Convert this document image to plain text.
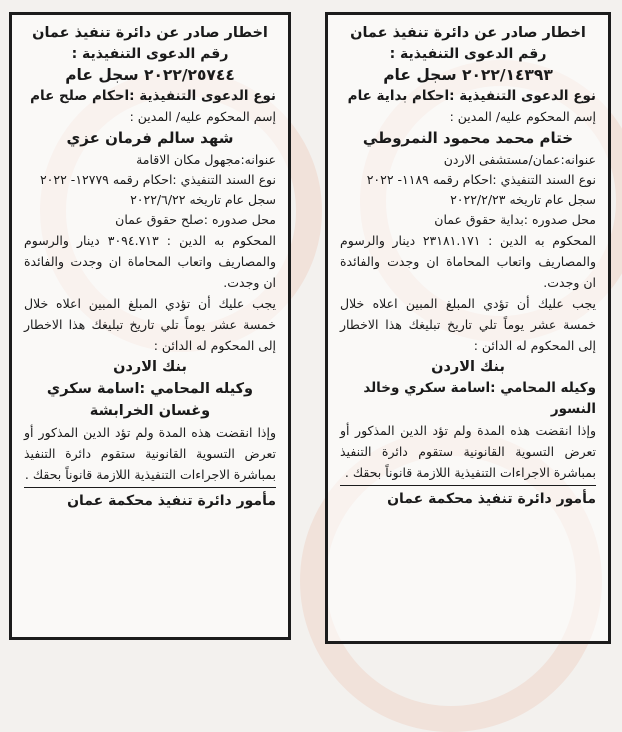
اخطار صادر عن دائرة تنفيذ عمان
رقم الدعوى التنفيذية :
٢٠٢٢/١٤٣٩٣ سجل عام
نوع الدعوى التنفيذية :احكام بداية عام
إسم المحكوم عليه/ المدين :
ختام محمد محمود النمروطي
عنوانه:عمان/مستشفى الاردن
نوع السند التنفيذي :احكام رقمه ١١٨٩- ٢٠٢٢ سجل عام تاريخه ٢٠٢٢/٢/٢٣
محل صدوره :بداية حقوق عمان
المحكوم به الدين : ٢٣١٨١.١٧١ دينار والرسوم والمصاريف واتعاب المحاماة ان وجدت والفائدة ان وجدت.
يجب عليك أن تؤدي المبلغ المبين اعلاه خلال خمسة عشر يوماً تلي تاريخ تبليغك هذا الاخطار إلى المحكوم له الدائن :
بنك الاردن
وكيله المحامي :اسامة سكري وخالد النسور
وإذا انقضت هذه المدة ولم تؤد الدين المذكور أو تعرض التسوية القانونية ستقوم دائرة التنفيذ بمباشرة الاجراءات التنفيذية اللازمة قانوناً بحقك .
مأمور دائرة تنفيذ محكمة عمان
اخطار صادر عن دائرة تنفيذ عمان
رقم الدعوى التنفيذية :
٢٠٢٢/٢٥٧٤٤ سجل عام
نوع الدعوى التنفيذية :احكام صلح عام
إسم المحكوم عليه/ المدين :
شهد سالم فرمان عزي
عنوانه:مجهول مكان الاقامة
نوع السند التنفيذي :احكام رقمه ١٢٧٧٩- ٢٠٢٢ سجل عام تاريخه ٢٠٢٢/٦/٢٢
محل صدوره :صلح حقوق عمان
المحكوم به الدين : ٣٠٩٤.٧١٣ دينار والرسوم والمصاريف واتعاب المحاماة ان وجدت والفائدة ان وجدت.
يجب عليك أن تؤدي المبلغ المبين اعلاه خلال خمسة عشر يوماً تلي تاريخ تبليغك هذا الاخطار إلى المحكوم له الدائن :
بنك الاردن
وكيله المحامي :اسامة سكري وغسان الخرابشة
وإذا انقضت هذه المدة ولم تؤد الدين المذكور أو تعرض التسوية القانونية ستقوم دائرة التنفيذ بمباشرة الاجراءات التنفيذية اللازمة قانوناً بحقك .
مأمور دائرة تنفيذ محكمة عمان
